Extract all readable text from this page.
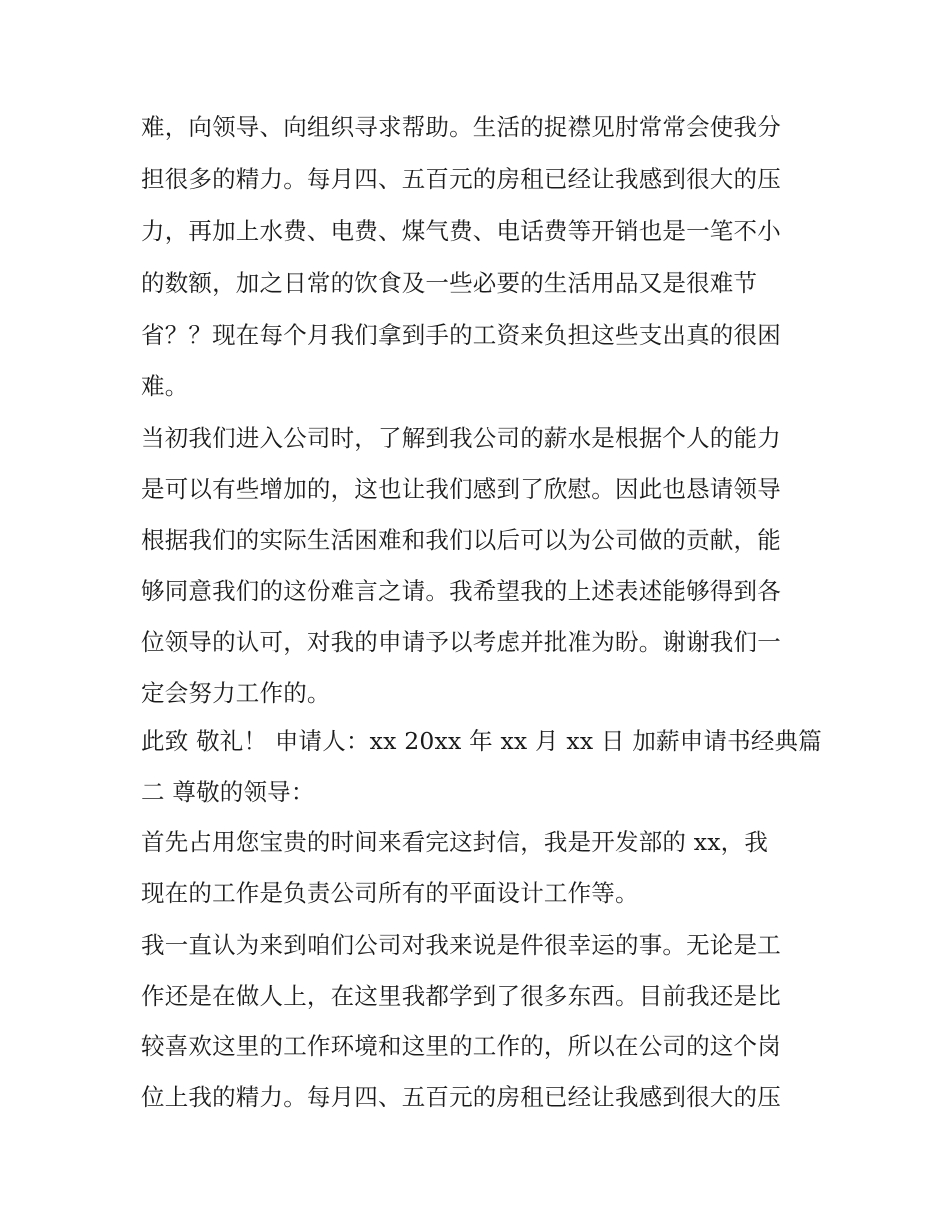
难，向领导、向组织寻求帮助。生活的捉襟见肘常常会使我分
担很多的精力。每月四、五百元的房租已经让我感到很大的压
力，再加上水费、电费、煤气费、电话费等开销也是一笔不小
的数额，加之日常的饮食及一些必要的生活用品又是很难节
省？？现在每个月我们拿到手的工资来负担这些支出真的很困
难。
当初我们进入公司时，了解到我公司的薪水是根据个人的能力
是可以有些增加的，这也让我们感到了欣慰。因此也恳请领导
根据我们的实际生活困难和我们以后可以为公司做的贡献，能
够同意我们的这份难言之请。我希望我的上述表述能够得到各
位领导的认可，对我的申请予以考虑并批准为盼。谢谢我们一
定会努力工作的。
此致 敬礼！ 申请人：xx 20xx 年 xx 月 xx 日 加薪申请书经典篇
二 尊敬的领导：
首先占用您宝贵的时间来看完这封信，我是开发部的 xx，我
现在的工作是负责公司所有的平面设计工作等。
我一直认为来到咱们公司对我来说是件很幸运的事。无论是工
作还是在做人上，在这里我都学到了很多东西。目前我还是比
较喜欢这里的工作环境和这里的工作的，所以在公司的这个岗
位上我的精力。每月四、五百元的房租已经让我感到很大的压
